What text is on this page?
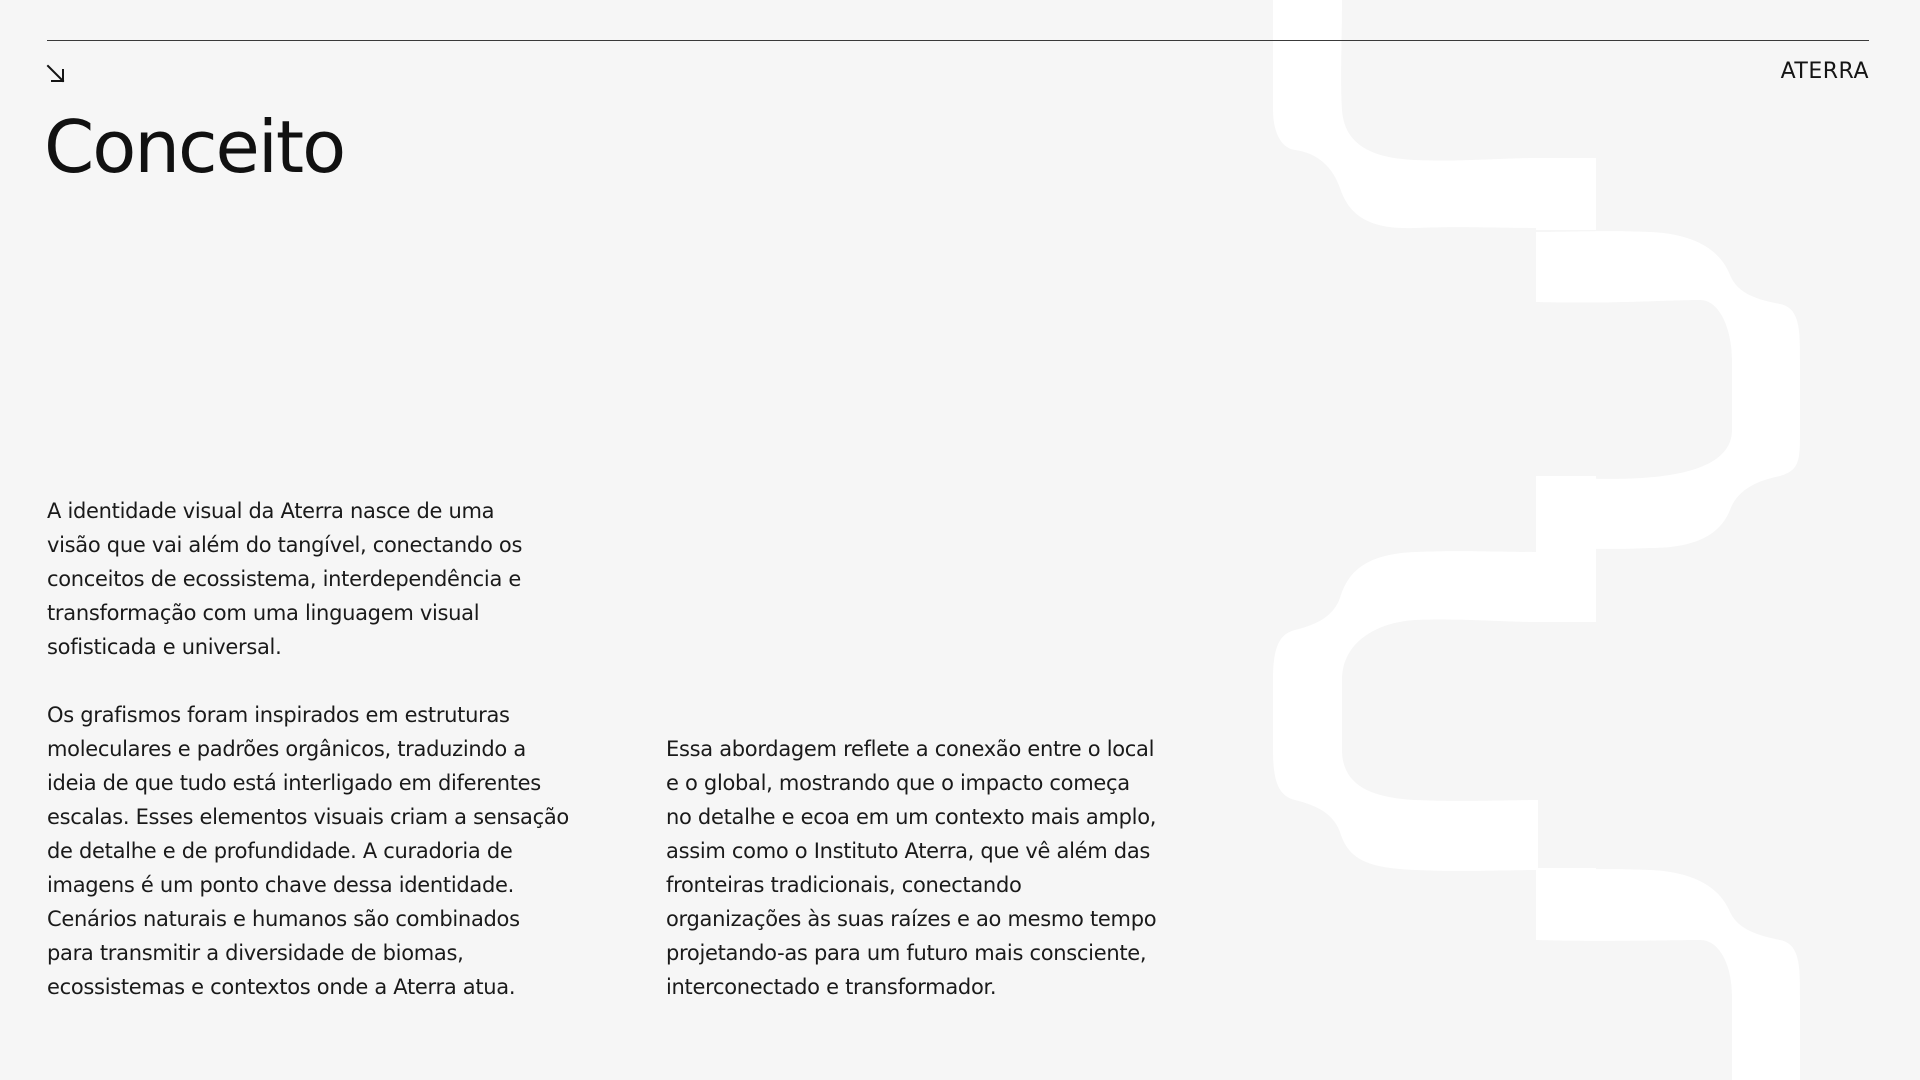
ATERRA
Conceito

A identidade visual da Aterra nasce de uma
visão que vai além do tangível, conectando os
conceitos de ecossistema, interdependência e
transformação com uma linguagem visual
sofisticada e universal.

Os grafismos foram inspirados em estruturas
moleculares e padrões orgânicos, traduzindo a
ideia de que tudo está interligado em diferentes
escalas. Esses elementos visuais criam a sensação
de detalhe e de profundidade. A curadoria de
imagens é um ponto chave dessa identidade.
Cenários naturais e humanos são combinados
para transmitir a diversidade de biomas,
ecossistemas e contextos onde a Aterra atua.

Essa abordagem reflete a conexão entre o local
e o global, mostrando que o impacto começa
no detalhe e ecoa em um contexto mais amplo,
assim como o Instituto Aterra, que vê além das
fronteiras tradicionais, conectando
organizações às suas raízes e ao mesmo tempo
projetando-as para um futuro mais consciente,
interconectado e transformador.
